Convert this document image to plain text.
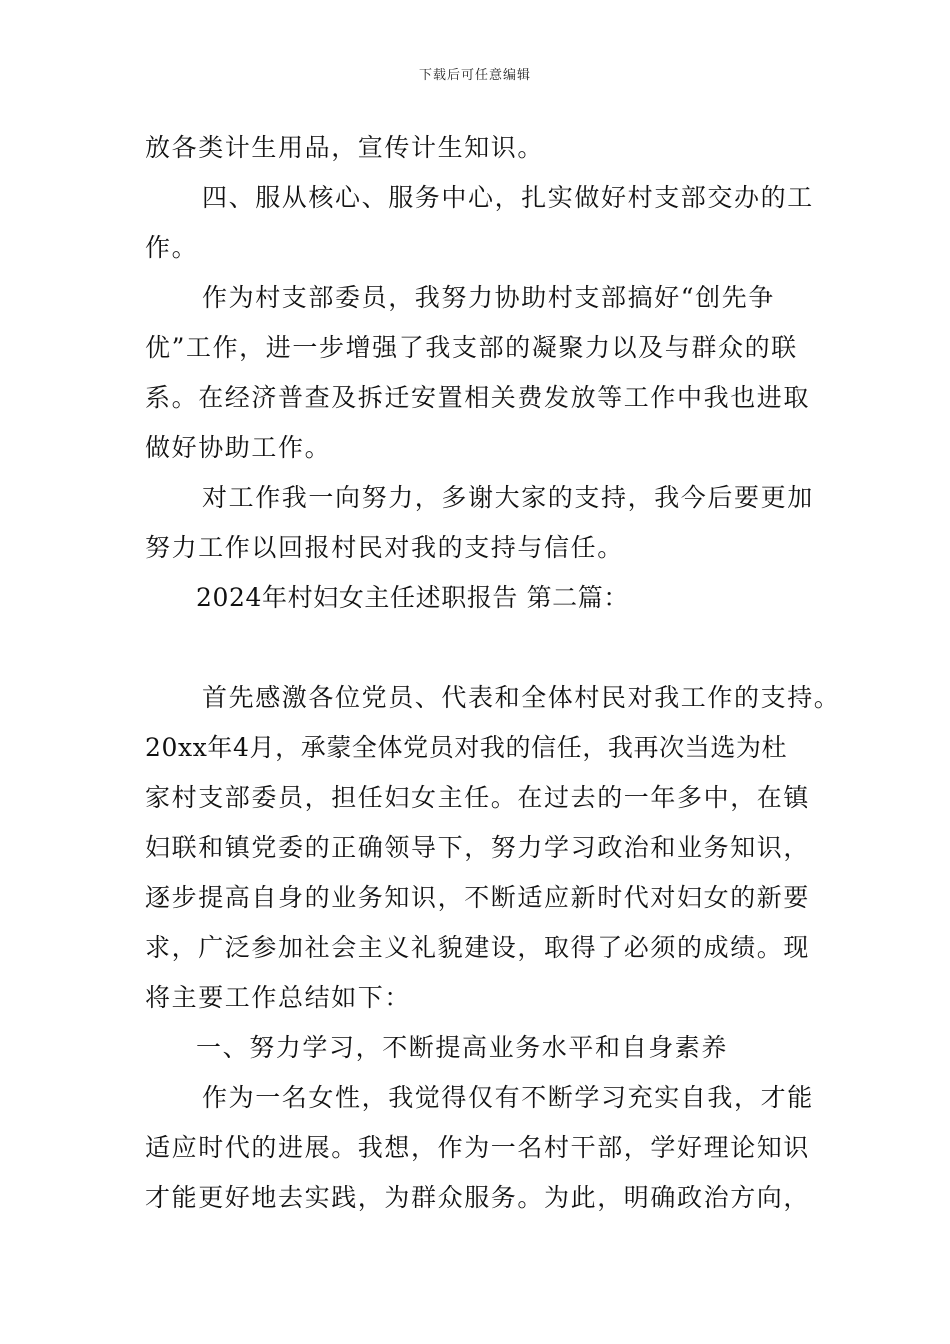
下载后可任意编辑
放各类计生用品，宣传计生知识。
四、服从核心、服务中心，扎实做好村支部交办的工
作。
作为村支部委员，我努力协助村支部搞好“创先争
优”工作，进一步增强了我支部的凝聚力以及与群众的联
系。在经济普查及拆迁安置相关费发放等工作中我也进取
做好协助工作。
对工作我一向努力，多谢大家的支持，我今后要更加
努力工作以回报村民对我的支持与信任。
2024年村妇女主任述职报告 第二篇：
首先感激各位党员、代表和全体村民对我工作的支持。
20xx年4月，承蒙全体党员对我的信任，我再次当选为杜
家村支部委员，担任妇女主任。在过去的一年多中，在镇
妇联和镇党委的正确领导下，努力学习政治和业务知识，
逐步提高自身的业务知识，不断适应新时代对妇女的新要
求，广泛参加社会主义礼貌建设，取得了必须的成绩。现
将主要工作总结如下：
一、努力学习，不断提高业务水平和自身素养
作为一名女性，我觉得仅有不断学习充实自我，才能
适应时代的进展。我想，作为一名村干部，学好理论知识
才能更好地去实践，为群众服务。为此，明确政治方向，
